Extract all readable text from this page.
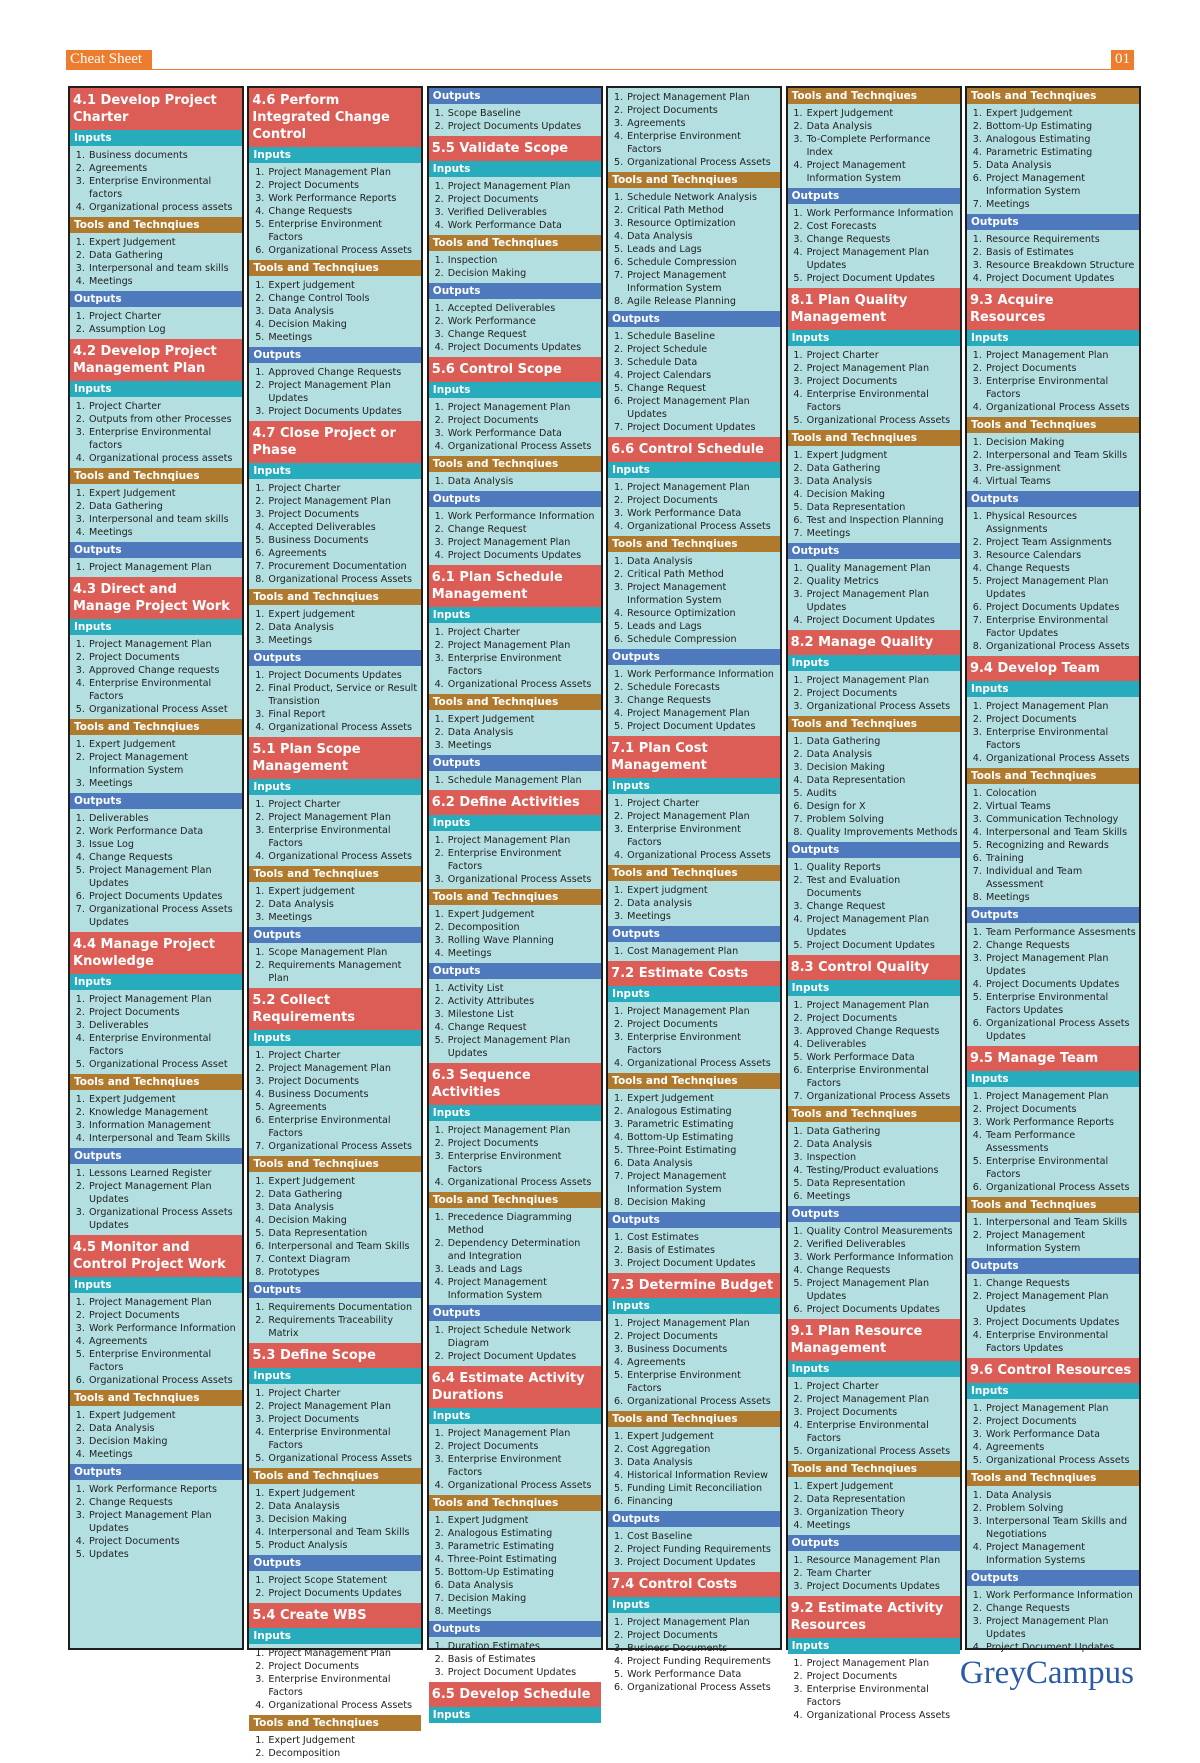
Cheat Sheet	01
4.1 Develop Project Charter
Inputs
1. Business documents
2. Agreements
3. Enterprise Environmental factors
4. Organizational process assets
Tools and Technqiues
1. Expert Judgement
2. Data Gathering
3. Interpersonal and team skills
4. Meetings
Outputs
1. Project Charter
2. Assumption Log
4.2 Develop Project Management Plan
Inputs
1. Project Charter
2. Outputs from other Processes
3. Enterprise Environmental factors
4. Organizational process assets
Tools and Technqiues
1. Expert Judgement
2. Data Gathering
3. Interpersonal and team skills
4. Meetings
Outputs
1. Project Management Plan
4.3 Direct and Manage Project Work
Inputs
1. Project Management Plan
2. Project Documents
3. Approved Change requests
4. Enterprise Environmental Factors
5. Organizational Process Asset
Tools and Technqiues
1. Expert Judgement
2. Project Management Information System
3. Meetings
Outputs
1. Deliverables
2. Work Performance Data
3. Issue Log
4. Change Requests
5. Project Management Plan Updates
6. Project Documents Updates
7. Organizational Process Assets Updates
4.4 Manage Project Knowledge
Inputs
1. Project Management Plan
2. Project Documents
3. Deliverables
4. Enterprise Environmental Factors
5. Organizational Process Asset
Tools and Technqiues
1. Expert Judgement
2. Knowledge Management
3. Information Management
4. Interpersonal and Team Skills
Outputs
1. Lessons Learned Register
2. Project Management Plan Updates
3. Organizational Process Assets Updates
4.5 Monitor and Control Project Work
Inputs
1. Project Management Plan
2. Project Documents
3. Work Performance Information
4. Agreements
5. Enterprise Environmental Factors
6. Organizational Process Assets
Tools and Technqiues
1. Expert Judgement
2. Data Analysis
3. Decision Making
4. Meetings
Outputs
1. Work Performance Reports
2. Change Requests
3. Project Management Plan Updates
4. Project Documents
5. Updates
4.6 Perform Integrated Change Control
Inputs
1. Project Management Plan
2. Project Documents
3. Work Performance Reports
4. Change Requests
5. Enterprise Environment Factors
6. Organizational Process Assets
Tools and Technqiues
1. Expert judgement
2. Change Control Tools
3. Data Analysis
4. Decision Making
5. Meetings
Outputs
1. Approved Change Requests
2. Project Management Plan Updates
3. Project Documents Updates
4.7 Close Project or Phase
Inputs
1. Project Charter
2. Project Management Plan
3. Project Documents
4. Accepted Deliverables
5. Business Documents
6. Agreements
7. Procurement Documentation
8. Organizational Process Assets
Tools and Technqiues
1. Expert judgement
2. Data Analysis
3. Meetings
Outputs
1. Project Documents Updates
2. Final Product, Service or Result Transistion
3. Final Report
4. Organizational Process Assets
5.1 Plan Scope Management
Inputs
1. Project Charter
2. Project Management Plan
3. Enterprise Environmental Factors
4. Organizational Process Assets
Tools and Technqiues
1. Expert judgement
2. Data Analysis
3. Meetings
Outputs
1. Scope Management Plan
2. Requirements Management Plan
5.2 Collect Requirements
Inputs
1. Project Charter
2. Project Management Plan
3. Project Documents
4. Business Documents
5. Agreements
6. Enterprise Environmental Factors
7. Organizational Process Assets
Tools and Technqiues
1. Expert Judgement
2. Data Gathering
3. Data Analysis
4. Decision Making
5. Data Representation
6. Interpersonal and Team Skills
7. Context Diagram
8. Prototypes
Outputs
1. Requirements Documentation
2. Requirements Traceability Matrix
5.3 Define Scope
Inputs
1. Project Charter
2. Project Management Plan
3. Project Documents
4. Enterprise Environmental Factors
5. Organizational Process Assets
Tools and Technqiues
1. Expert Judgement
2. Data Analaysis
3. Decision Making
4. Interpersonal and Team Skills
5. Product Analysis
Outputs
1. Project Scope Statement
2. Project Documents Updates
5.4 Create WBS
Inputs
1. Project Management Plan
2. Project Documents
3. Enterprise Environmental Factors
4. Organizational Process Assets
Tools and Technqiues
1. Expert Judgement
2. Decomposition
Outputs
1. Scope Baseline
2. Project Documents Updates
5.5 Validate Scope
Inputs
1. Project Management Plan
2. Project Documents
3. Verified Deliverables
4. Work Performance Data
Tools and Technqiues
1. Inspection
2. Decision Making
Outputs
1. Accepted Deliverables
2. Work Performance
3. Change Request
4. Project Documents Updates
5.6 Control Scope
Inputs
1. Project Management Plan
2. Project Documents
3. Work Performance Data
4. Organizational Process Assets
Tools and Technqiues
1. Data Analysis
Outputs
1. Work Performance Information
2. Change Request
3. Project Management Plan
4. Project Documents Updates
6.1 Plan Schedule Management
Inputs
1. Project Charter
2. Project Management Plan
3. Enterprise Environment Factors
4. Organizational Process Assets
Tools and Technqiues
1. Expert Judgement
2. Data Analysis
3. Meetings
Outputs
1. Schedule Management Plan
6.2 Define Activities
Inputs
1. Project Management Plan
2. Enterprise Environment Factors
3. Organizational Process Assets
Tools and Technqiues
1. Expert Judgement
2. Decomposition
3. Rolling Wave Planning
4. Meetings
Outputs
1. Activity List
2. Activity Attributes
3. Milestone List
4. Change Request
5. Project Management Plan Updates
6.3 Sequence Activities
Inputs
1. Project Management Plan
2. Project Documents
3. Enterprise Environment Factors
4. Organizational Process Assets
Tools and Technqiues
1. Precedence Diagramming Method
2. Dependency Determination and Integration
3. Leads and Lags
4. Project Management Information System
Outputs
1. Project Schedule Network Diagram
2. Project Document Updates
6.4 Estimate Activity Durations
Inputs
1. Project Management Plan
2. Project Documents
3. Enterprise Environment Factors
4. Organizational Process Assets
Tools and Technqiues
1. Expert Judgment
2. Analogous Estimating
3. Parametric Estimating
4. Three-Point Estimating
5. Bottom-Up Estimating
6. Data Analysis
7. Decision Making
8. Meetings
Outputs
1. Duration Estimates
2. Basis of Estimates
3. Project Document Updates
6.5 Develop Schedule
Inputs
1. Project Management Plan
2. Project Documents
3. Agreements
4. Enterprise Environment Factors
5. Organizational Process Assets
Tools and Technqiues
1. Schedule Network Analysis
2. Critical Path Method
3. Resource Optimization
4. Data Analysis
5. Leads and Lags
6. Schedule Compression
7. Project Management Information System
8. Agile Release Planning
Outputs
1. Schedule Baseline
2. Project Schedule
3. Schedule Data
4. Project Calendars
5. Change Request
6. Project Management Plan Updates
7. Project Document Updates
6.6 Control Schedule
Inputs
1. Project Management Plan
2. Project Documents
3. Work Performance Data
4. Organizational Process Assets
Tools and Technqiues
1. Data Analysis
2. Critical Path Method
3. Project Management Information System
4. Resource Optimization
5. Leads and Lags
6. Schedule Compression
Outputs
1. Work Performance Information
2. Schedule Forecasts
3. Change Requests
4. Project Management Plan
5. Project Document Updates
7.1 Plan Cost Management
Inputs
1. Project Charter
2. Project Management Plan
3. Enterprise Environment Factors
4. Organizational Process Assets
Tools and Technqiues
1. Expert judgment
2. Data analysis
3. Meetings
Outputs
1. Cost Management Plan
7.2 Estimate Costs
Inputs
1. Project Management Plan
2. Project Documents
3. Enterprise Environment Factors
4. Organizational Process Assets
Tools and Technqiues
1. Expert Judgement
2. Analogous Estimating
3. Parametric Estimating
4. Bottom-Up Estimating
5. Three-Point Estimating
6. Data Analysis
7. Project Management Information System
8. Decision Making
Outputs
1. Cost Estimates
2. Basis of Estimates
3. Project Document Updates
7.3 Determine Budget
Inputs
1. Project Management Plan
2. Project Documents
3. Business Documents
4. Agreements
5. Enterprise Environment Factors
6. Organizational Process Assets
Tools and Technqiues
1. Expert Judgement
2. Cost Aggregation
3. Data Analysis
4. Historical Information Review
5. Funding Limit Reconciliation
6. Financing
Outputs
1. Cost Baseline
2. Project Funding Requirements
3. Project Document Updates
7.4 Control Costs
Inputs
1. Project Management Plan
2. Project Documents
3. Business Documents
4. Project Funding Requirements
5. Work Performance Data
6. Organizational Process Assets
Tools and Technqiues
1. Expert Judgement
2. Data Analysis
3. To-Complete Performance Index
4. Project Management Information System
Outputs
1. Work Performance Information
2. Cost Forecasts
3. Change Requests
4. Project Management Plan Updates
5. Project Document Updates
8.1 Plan Quality Management
Inputs
1. Project Charter
2. Project Management Plan
3. Project Documents
4. Enterprise Environmental Factors
5. Organizational Process Assets
Tools and Technqiues
1. Expert Judgment
2. Data Gathering
3. Data Analysis
4. Decision Making
5. Data Representation
6. Test and Inspection Planning
7. Meetings
Outputs
1. Quality Management Plan
2. Quality Metrics
3. Project Management Plan Updates
4. Project Document Updates
8.2 Manage Quality
Inputs
1. Project Management Plan
2. Project Documents
3. Organizational Process Assets
Tools and Technqiues
1. Data Gathering
2. Data Analysis
3. Decision Making
4. Data Representation
5. Audits
6. Design for X
7. Problem Solving
8. Quality Improvements Methods
Outputs
1. Quality Reports
2. Test and Evaluation Documents
3. Change Request
4. Project Management Plan Updates
5. Project Document Updates
8.3 Control Quality
Inputs
1. Project Management Plan
2. Project Documents
3. Approved Change Requests
4. Deliverables
5. Work Performace Data
6. Enterprise Environmental Factors
7. Organizational Process Assets
Tools and Technqiues
1. Data Gathering
2. Data Analysis
3. Inspection
4. Testing/Product evaluations
5. Data Representation
6. Meetings
Outputs
1. Quality Control Measurements
2. Verified Deliverables
3. Work Performance Information
4. Change Requests
5. Project Management Plan Updates
6. Project Documents Updates
9.1 Plan Resource Management
Inputs
1. Project Charter
2. Project Management Plan
3. Project Documents
4. Enterprise Environmental Factors
5. Organizational Process Assets
Tools and Technqiues
1. Expert Judgement
2. Data Representation
3. Organization Theory
4. Meetings
Outputs
1. Resource Management Plan
2. Team Charter
3. Project Documents Updates
9.2 Estimate Activity Resources
Inputs
1. Project Management Plan
2. Project Documents
3. Enterprise Environmental Factors
4. Organizational Process Assets
Tools and Technqiues
1. Expert Judgement
2. Bottom-Up Estimating
3. Analogous Estimating
4. Parametric Estimating
5. Data Analysis
6. Project Management Information System
7. Meetings
Outputs
1. Resource Requirements
2. Basis of Estimates
3. Resource Breakdown Structure
4. Project Document Updates
9.3 Acquire Resources
Inputs
1. Project Management Plan
2. Project Documents
3. Enterprise Environmental Factors
4. Organizational Process Assets
Tools and Technqiues
1. Decision Making
2. Interpersonal and Team Skills
3. Pre-assignment
4. Virtual Teams
Outputs
1. Physical Resources Assignments
2. Project Team Assignments
3. Resource Calendars
4. Change Requests
5. Project Management Plan Updates
6. Project Documents Updates
7. Enterprise Environmental Factor Updates
8. Organizational Process Assets
9.4 Develop Team
Inputs
1. Project Management Plan
2. Project Documents
3. Enterprise Environmental Factors
4. Organizational Process Assets
Tools and Technqiues
1. Colocation
2. Virtual Teams
3. Communication Technology
4. Interpersonal and Team Skills
5. Recognizing and Rewards
6. Training
7. Individual and Team Assessment
8. Meetings
Outputs
1. Team Performance Assesments
2. Change Requests
3. Project Management Plan Updates
4. Project Documents Updates
5. Enterprise Environmental Factors Updates
6. Organizational Process Assets Updates
9.5 Manage Team
Inputs
1. Project Management Plan
2. Project Documents
3. Work Performance Reports
4. Team Performance Assessments
5. Enterprise Environmental Factors
6. Organizational Process Assets
Tools and Technqiues
1. Interpersonal and Team Skills
2. Project Management Information System
Outputs
1. Change Requests
2. Project Management Plan Updates
3. Project Documents Updates
4. Enterprise Environmental Factors Updates
9.6 Control Resources
Inputs
1. Project Management Plan
2. Project Documents
3. Work Performance Data
4. Agreements
5. Organizational Process Assets
Tools and Technqiues
1. Data Analysis
2. Problem Solving
3. Interpersonal Team Skills and Negotiations
4. Project Management Information Systems
Outputs
1. Work Performance Information
2. Change Requests
3. Project Management Plan Updates
4. Project Document Updates
GreyCampus
